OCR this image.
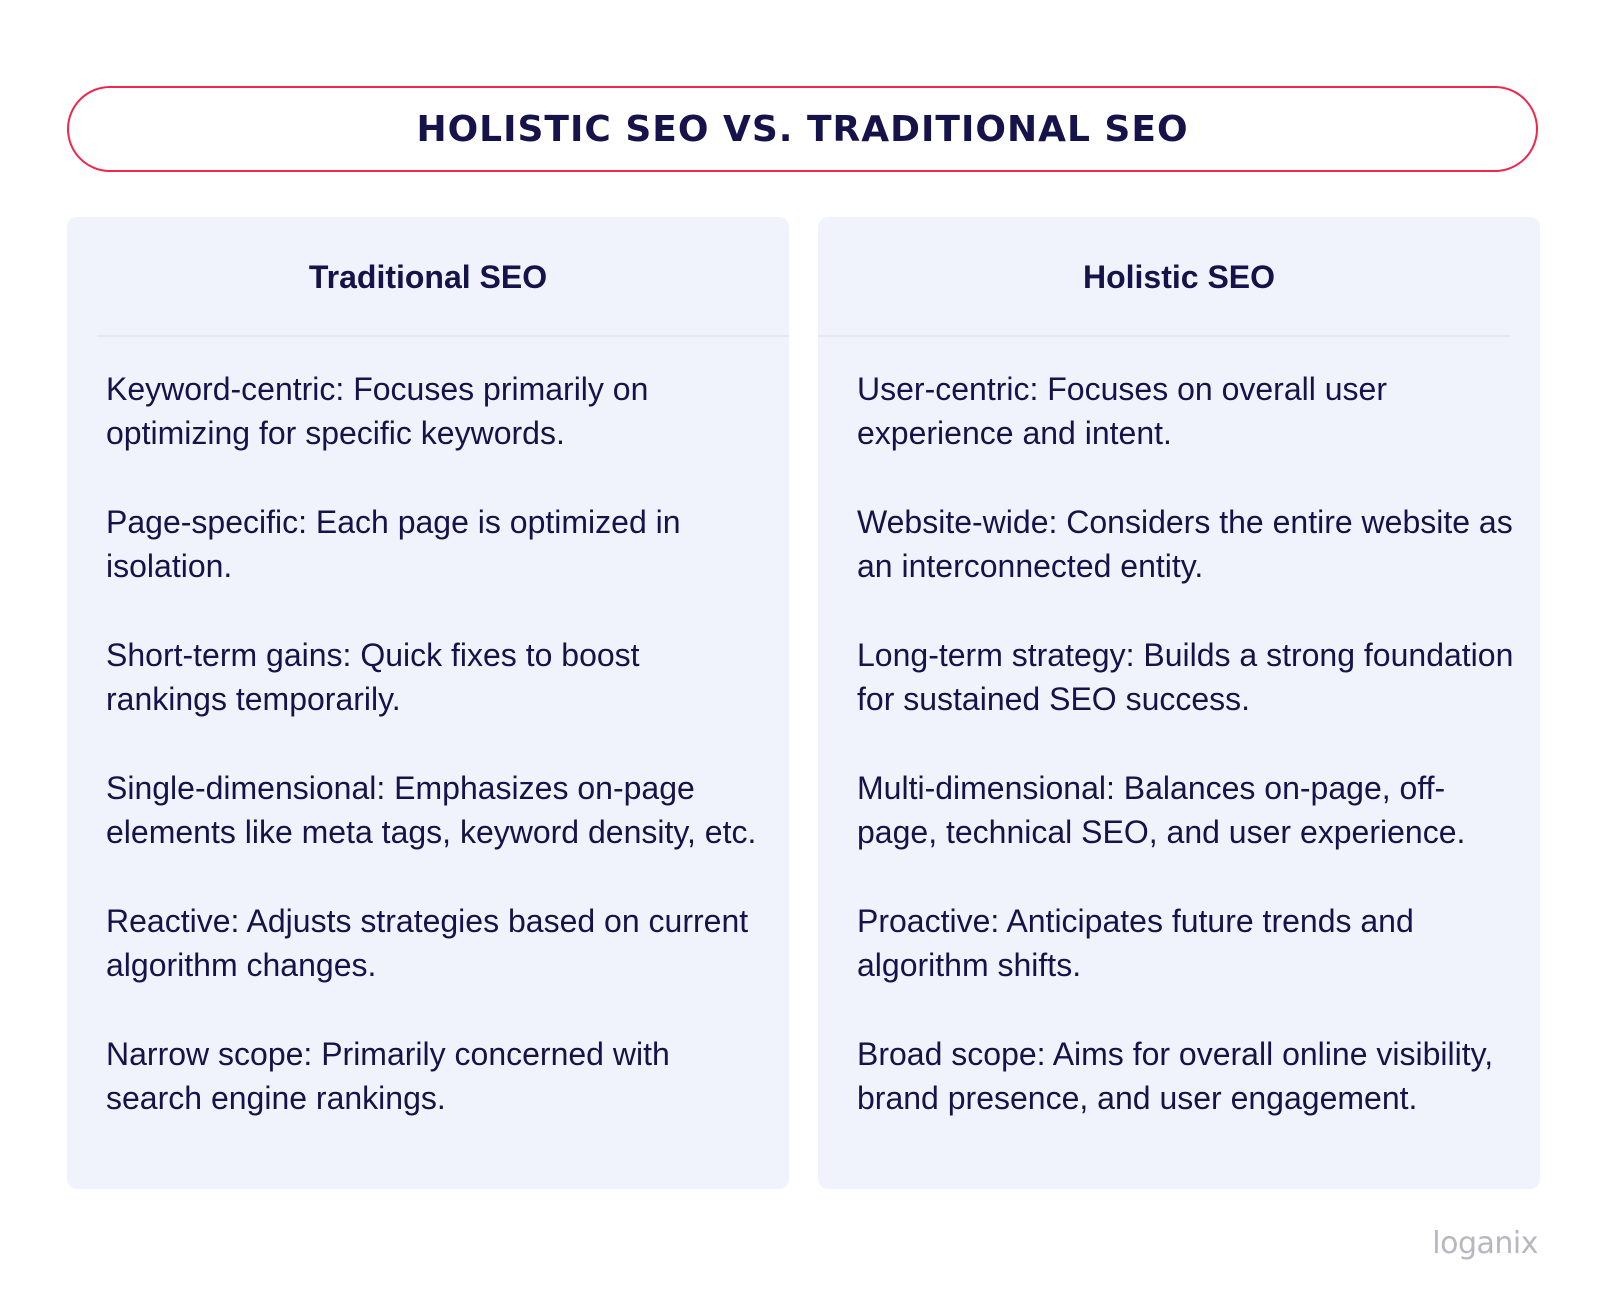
HOLISTIC SEO VS. TRADITIONAL SEO
Traditional SEO
Keyword-centric: Focuses primarily on optimizing for specific keywords.
Page-specific: Each page is optimized in isolation.
Short-term gains: Quick fixes to boost rankings temporarily.
Single-dimensional: Emphasizes on-page elements like meta tags, keyword density, etc.
Reactive: Adjusts strategies based on current algorithm changes.
Narrow scope: Primarily concerned with search engine rankings.
Holistic SEO
User-centric: Focuses on overall user experience and intent.
Website-wide: Considers the entire website as an interconnected entity.
Long-term strategy: Builds a strong foundation for sustained SEO success.
Multi-dimensional: Balances on-page, off-page, technical SEO, and user experience.
Proactive: Anticipates future trends and algorithm shifts.
Broad scope: Aims for overall online visibility, brand presence, and user engagement.
loganix
